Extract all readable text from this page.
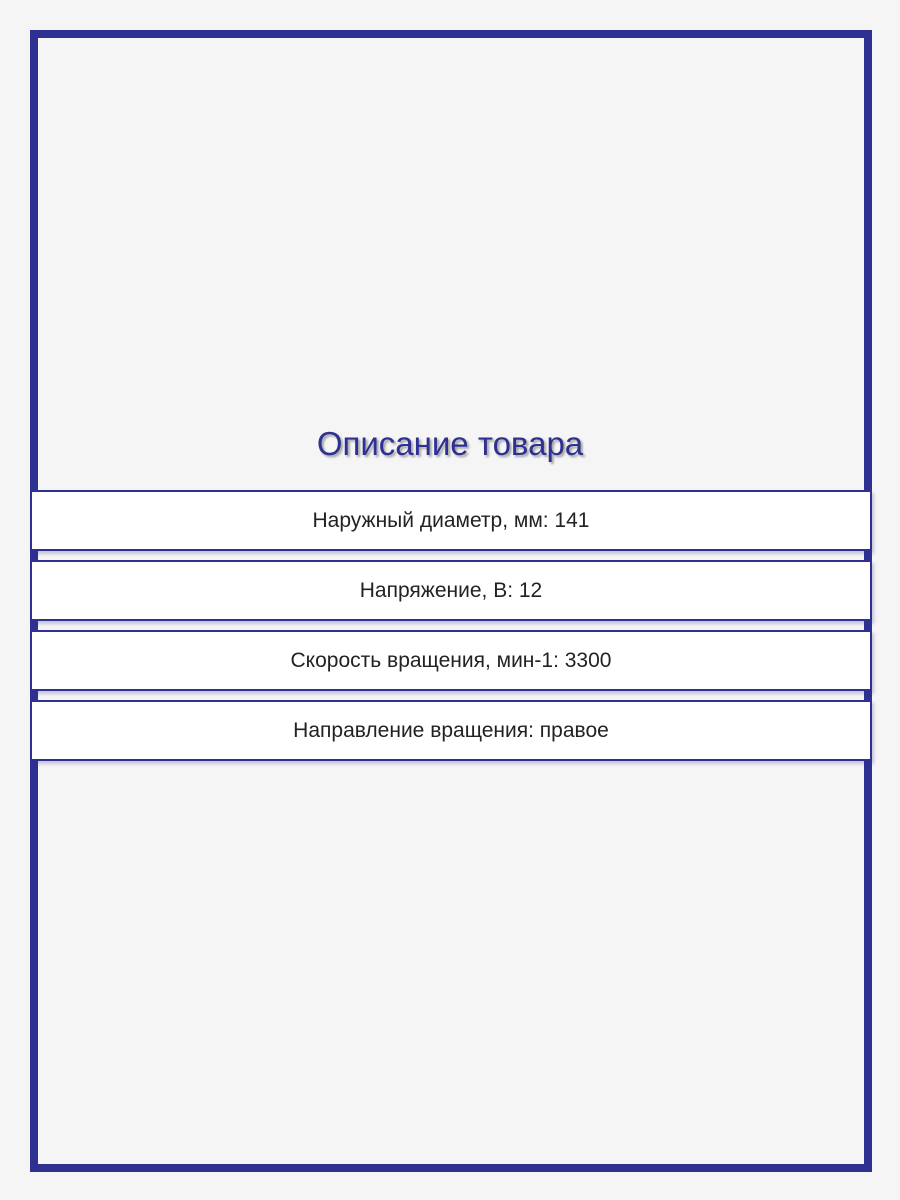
Описание товара
Наружный диаметр, мм: 141
Напряжение, В: 12
Скорость вращения, мин-1: 3300
Направление вращения: правое
